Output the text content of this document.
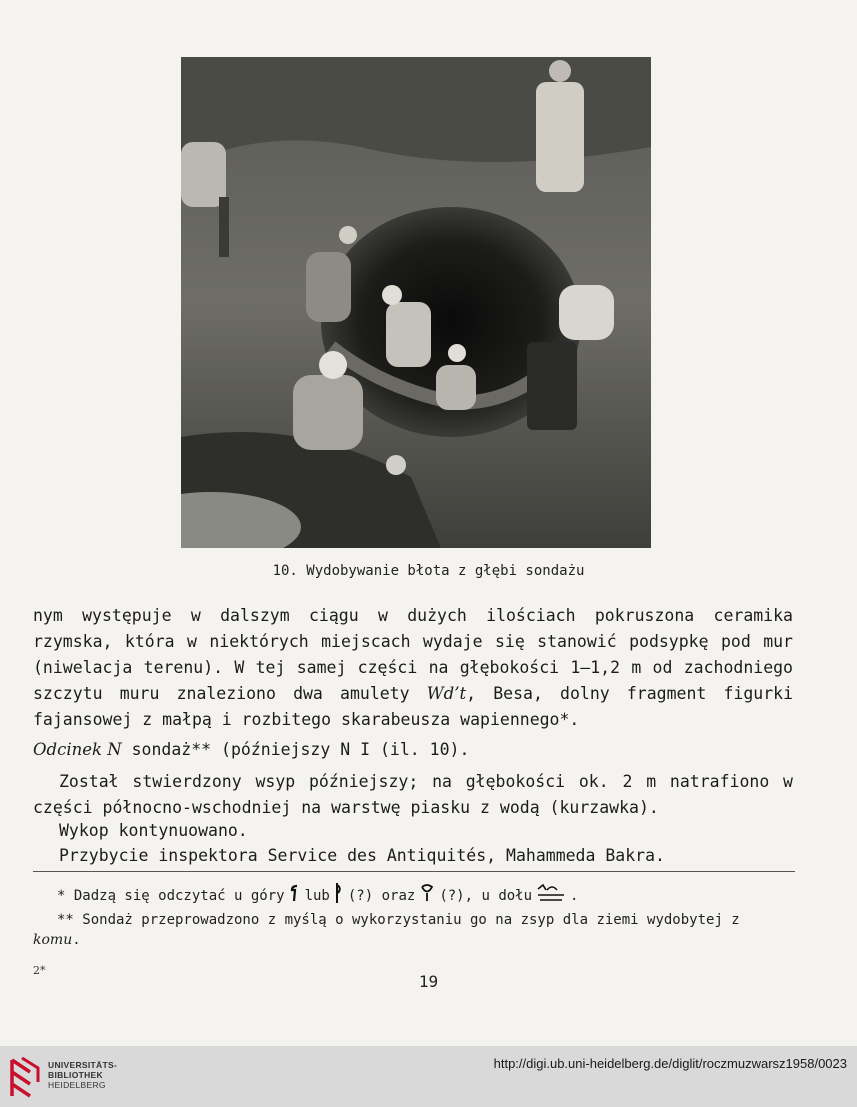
10. Wydobywanie błota z głębi sondażu

nym występuje w dalszym ciągu w dużych ilościach pokruszona ceramika rzymska, która w niektórych miejscach wydaje się stanowić podsypkę pod mur (niwelacja terenu). W tej samej części na głębokości 1—1,2 m od zachodniego szczytu muru znaleziono dwa amulety Wd’t, Besa, dolny fragment figurki fajansowej z małpą i rozbitego skarabeusza wapiennego*.

Odcinek N sondaż** (późniejszy N I (il. 10).

Został stwierdzony wsyp późniejszy; na głębokości ok. 2 m natrafiono w części północno-wschodniej na warstwę piasku z wodą (kurzawka).

Wykop kontynuowano.

Przybycie inspektora Service des Antiquités, Mahammeda Bakra.

* Dadzą się odczytać u góry lub (?) oraz (?), u dołu	.

** Sondaż przeprowadzono z myślą o wykorzystaniu go na zsyp dla ziemi wydobytej z komu.

2*
19
UNIVERSITÄTS-
BIBLIOTHEK
HEIDELBERG
http://digi.ub.uni-heidelberg.de/diglit/roczmuzwarsz1958/0023
